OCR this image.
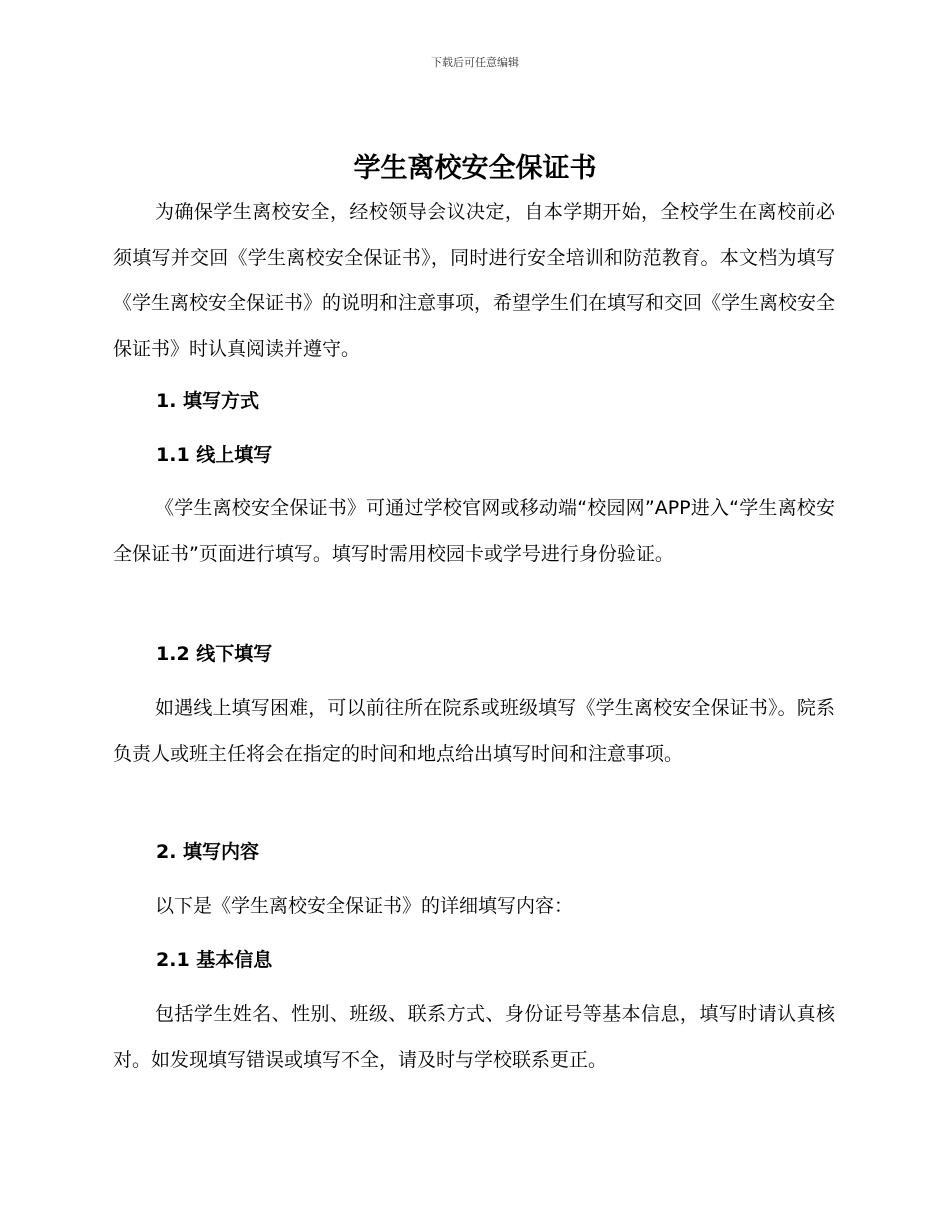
下载后可任意编辑
学生离校安全保证书

为确保学生离校安全，经校领导会议决定，自本学期开始，全校学生在离校前必须填写并交回《学生离校安全保证书》，同时进行安全培训和防范教育。本文档为填写《学生离校安全保证书》的说明和注意事项，希望学生们在填写和交回《学生离校安全保证书》时认真阅读并遵守。

1. 填写方式
1.1 线上填写

《学生离校安全保证书》可通过学校官网或移动端“校园网”APP进入“学生离校安全保证书”页面进行填写。填写时需用校园卡或学号进行身份验证。

1.2 线下填写

如遇线上填写困难，可以前往所在院系或班级填写《学生离校安全保证书》。院系负责人或班主任将会在指定的时间和地点给出填写时间和注意事项。

2. 填写内容

以下是《学生离校安全保证书》的详细填写内容：

2.1 基本信息

包括学生姓名、性别、班级、联系方式、身份证号等基本信息，填写时请认真核对。如发现填写错误或填写不全，请及时与学校联系更正。
